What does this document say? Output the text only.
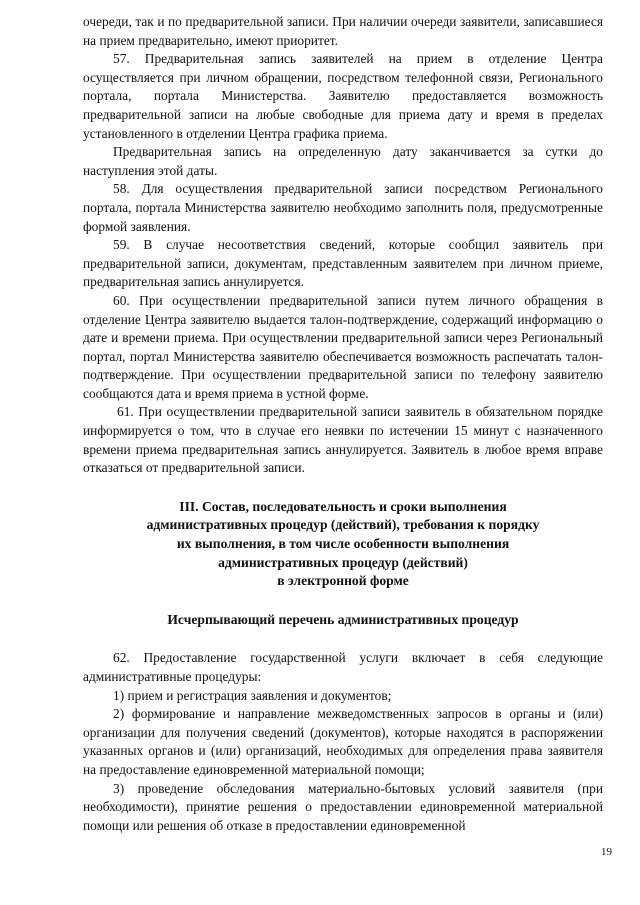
очереди, так и по предварительной записи. При наличии очереди заявители, записавшиеся на прием предварительно, имеют приоритет.

57. Предварительная запись заявителей на прием в отделение Центра осуществляется при личном обращении, посредством телефонной связи, Регионального портала, портала Министерства. Заявителю предоставляется возможность предварительной записи на любые свободные для приема дату и время в пределах установленного в отделении Центра графика приема.

Предварительная запись на определенную дату заканчивается за сутки до наступления этой даты.

58. Для осуществления предварительной записи посредством Регионального портала, портала Министерства заявителю необходимо заполнить поля, предусмотренные формой заявления.

59. В случае несоответствия сведений, которые сообщил заявитель при предварительной записи, документам, представленным заявителем при личном приеме, предварительная запись аннулируется.

60. При осуществлении предварительной записи путем личного обращения в отделение Центра заявителю выдается талон-подтверждение, содержащий информацию о дате и времени приема. При осуществлении предварительной записи через Региональный портал, портал Министерства заявителю обеспечивается возможность распечатать талон-подтверждение. При осуществлении предварительной записи по телефону заявителю сообщаются дата и время приема в устной форме.

61. При осуществлении предварительной записи заявитель в обязательном порядке информируется о том, что в случае его неявки по истечении 15 минут с назначенного времени приема предварительная запись аннулируется. Заявитель в любое время вправе отказаться от предварительной записи.

III. Состав, последовательность и сроки выполнения

административных процедур (действий), требования к порядку

их выполнения, в том числе особенности выполнения

административных процедур (действий)

в электронной форме

Исчерпывающий перечень административных процедур

62. Предоставление государственной услуги включает в себя следующие административные процедуры:

1) прием и регистрация заявления и документов;

2) формирование и направление межведомственных запросов в органы и (или) организации для получения сведений (документов), которые находятся в распоряжении указанных органов и (или) организаций, необходимых для определения права заявителя на предоставление единовременной материальной помощи;

3) проведение обследования материально-бытовых условий заявителя (при необходимости), принятие решения о предоставлении единовременной материальной помощи или решения об отказе в предоставлении единовременной

19
